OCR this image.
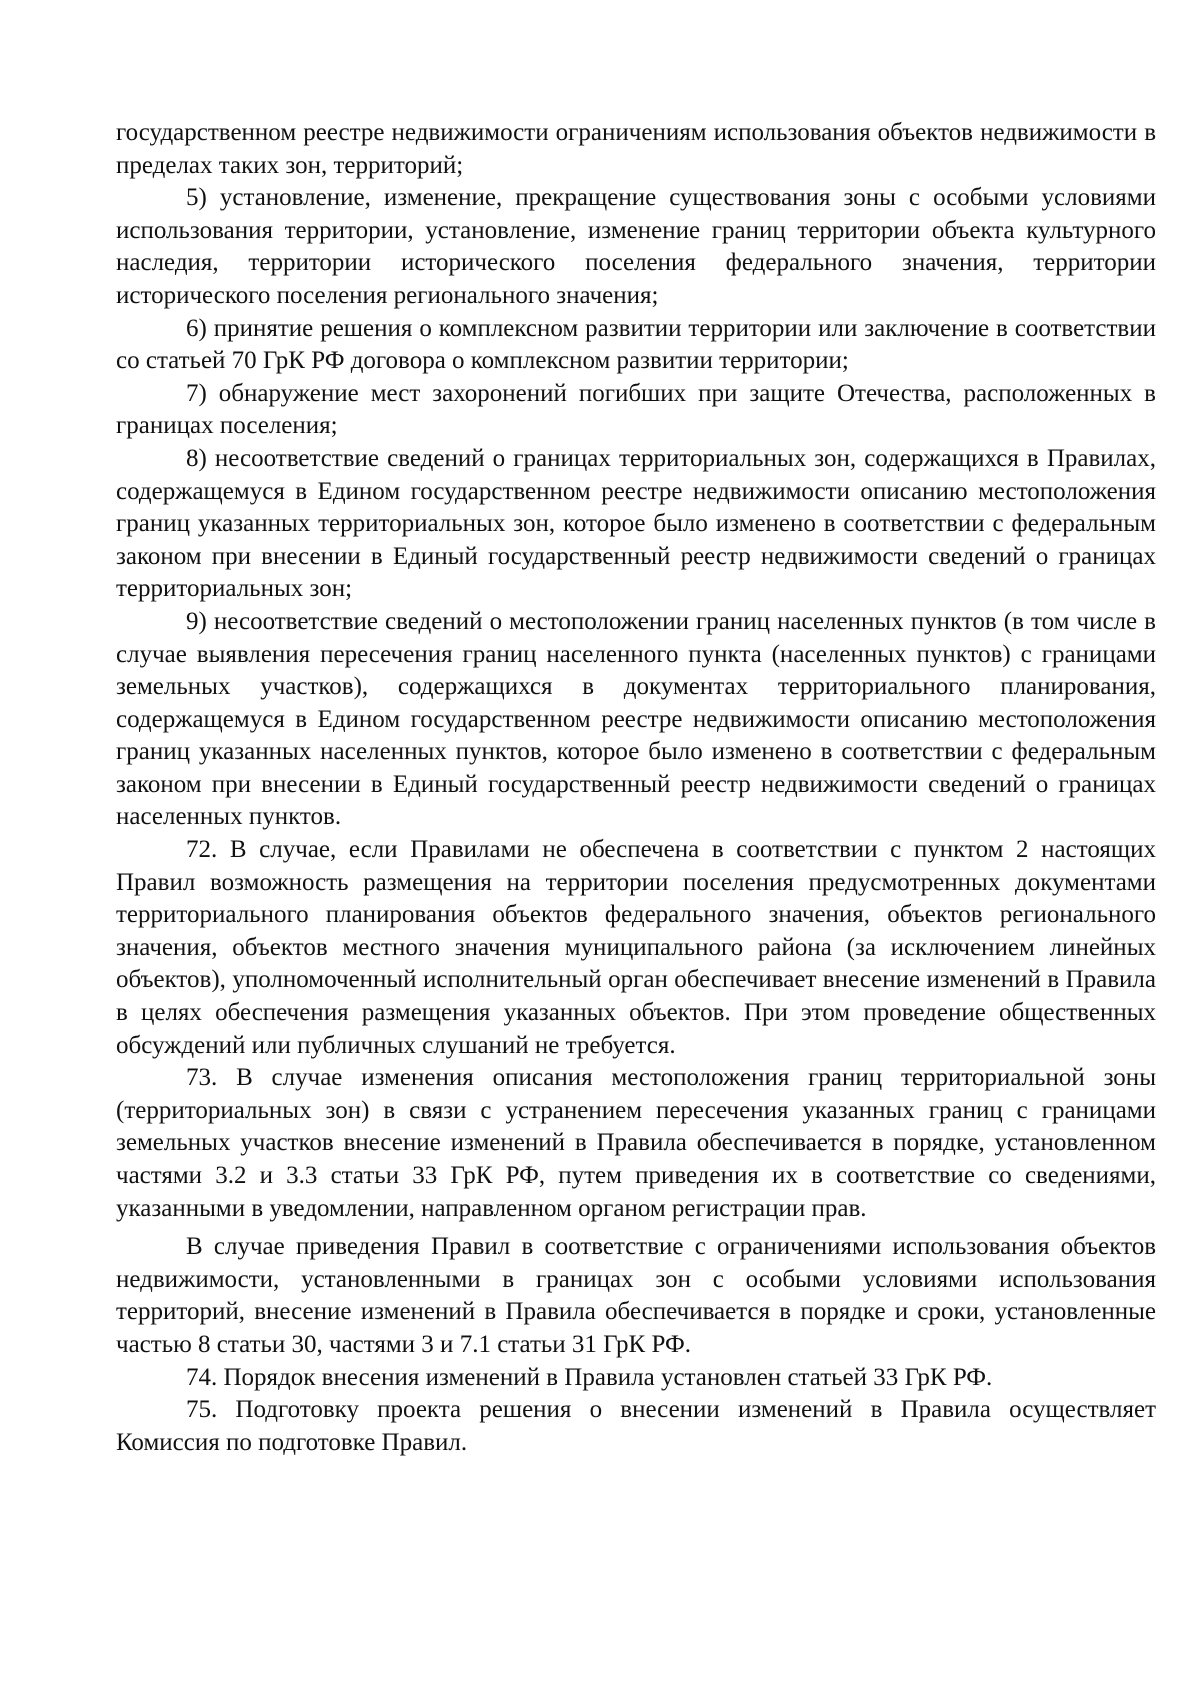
государственном реестре недвижимости ограничениям использования объектов недвижимости в пределах таких зон, территорий;

5) установление, изменение, прекращение существования зоны с особыми условиями использования территории, установление, изменение границ территории объекта культурного наследия, территории исторического поселения федерального значения, территории исторического поселения регионального значения;

6) принятие решения о комплексном развитии территории или заключение в соответствии со статьей 70 ГрК РФ договора о комплексном развитии территории;

7) обнаружение мест захоронений погибших при защите Отечества, расположенных в границах поселения;

8) несоответствие сведений о границах территориальных зон, содержащихся в Правилах, содержащемуся в Едином государственном реестре недвижимости описанию местоположения границ указанных территориальных зон, которое было изменено в соответствии с федеральным законом при внесении в Единый государственный реестр недвижимости сведений о границах территориальных зон;

9) несоответствие сведений о местоположении границ населенных пунктов (в том числе в случае выявления пересечения границ населенного пункта (населенных пунктов) с границами земельных участков), содержащихся в документах территориального планирования, содержащемуся в Едином государственном реестре недвижимости описанию местоположения границ указанных населенных пунктов, которое было изменено в соответствии с федеральным законом при внесении в Единый государственный реестр недвижимости сведений о границах населенных пунктов.

72. В случае, если Правилами не обеспечена в соответствии с пунктом 2 настоящих Правил возможность размещения на территории поселения предусмотренных документами территориального планирования объектов федерального значения, объектов регионального значения, объектов местного значения муниципального района (за исключением линейных объектов), уполномоченный исполнительный орган обеспечивает внесение изменений в Правила в целях обеспечения размещения указанных объектов. При этом проведение общественных обсуждений или публичных слушаний не требуется.

73. В случае изменения описания местоположения границ территориальной зоны (территориальных зон) в связи с устранением пересечения указанных границ с границами земельных участков внесение изменений в Правила обеспечивается в порядке, установленном частями 3.2 и 3.3 статьи 33 ГрК РФ, путем приведения их в соответствие со сведениями, указанными в уведомлении, направленном органом регистрации прав.

В случае приведения Правил в соответствие с ограничениями использования объектов недвижимости, установленными в границах зон с особыми условиями использования территорий, внесение изменений в Правила обеспечивается в порядке и сроки, установленные частью 8 статьи 30, частями 3 и 7.1 статьи 31 ГрК РФ.

74. Порядок внесения изменений в Правила установлен статьей 33 ГрК РФ.

75. Подготовку проекта решения о внесении изменений в Правила осуществляет Комиссия по подготовке Правил.
